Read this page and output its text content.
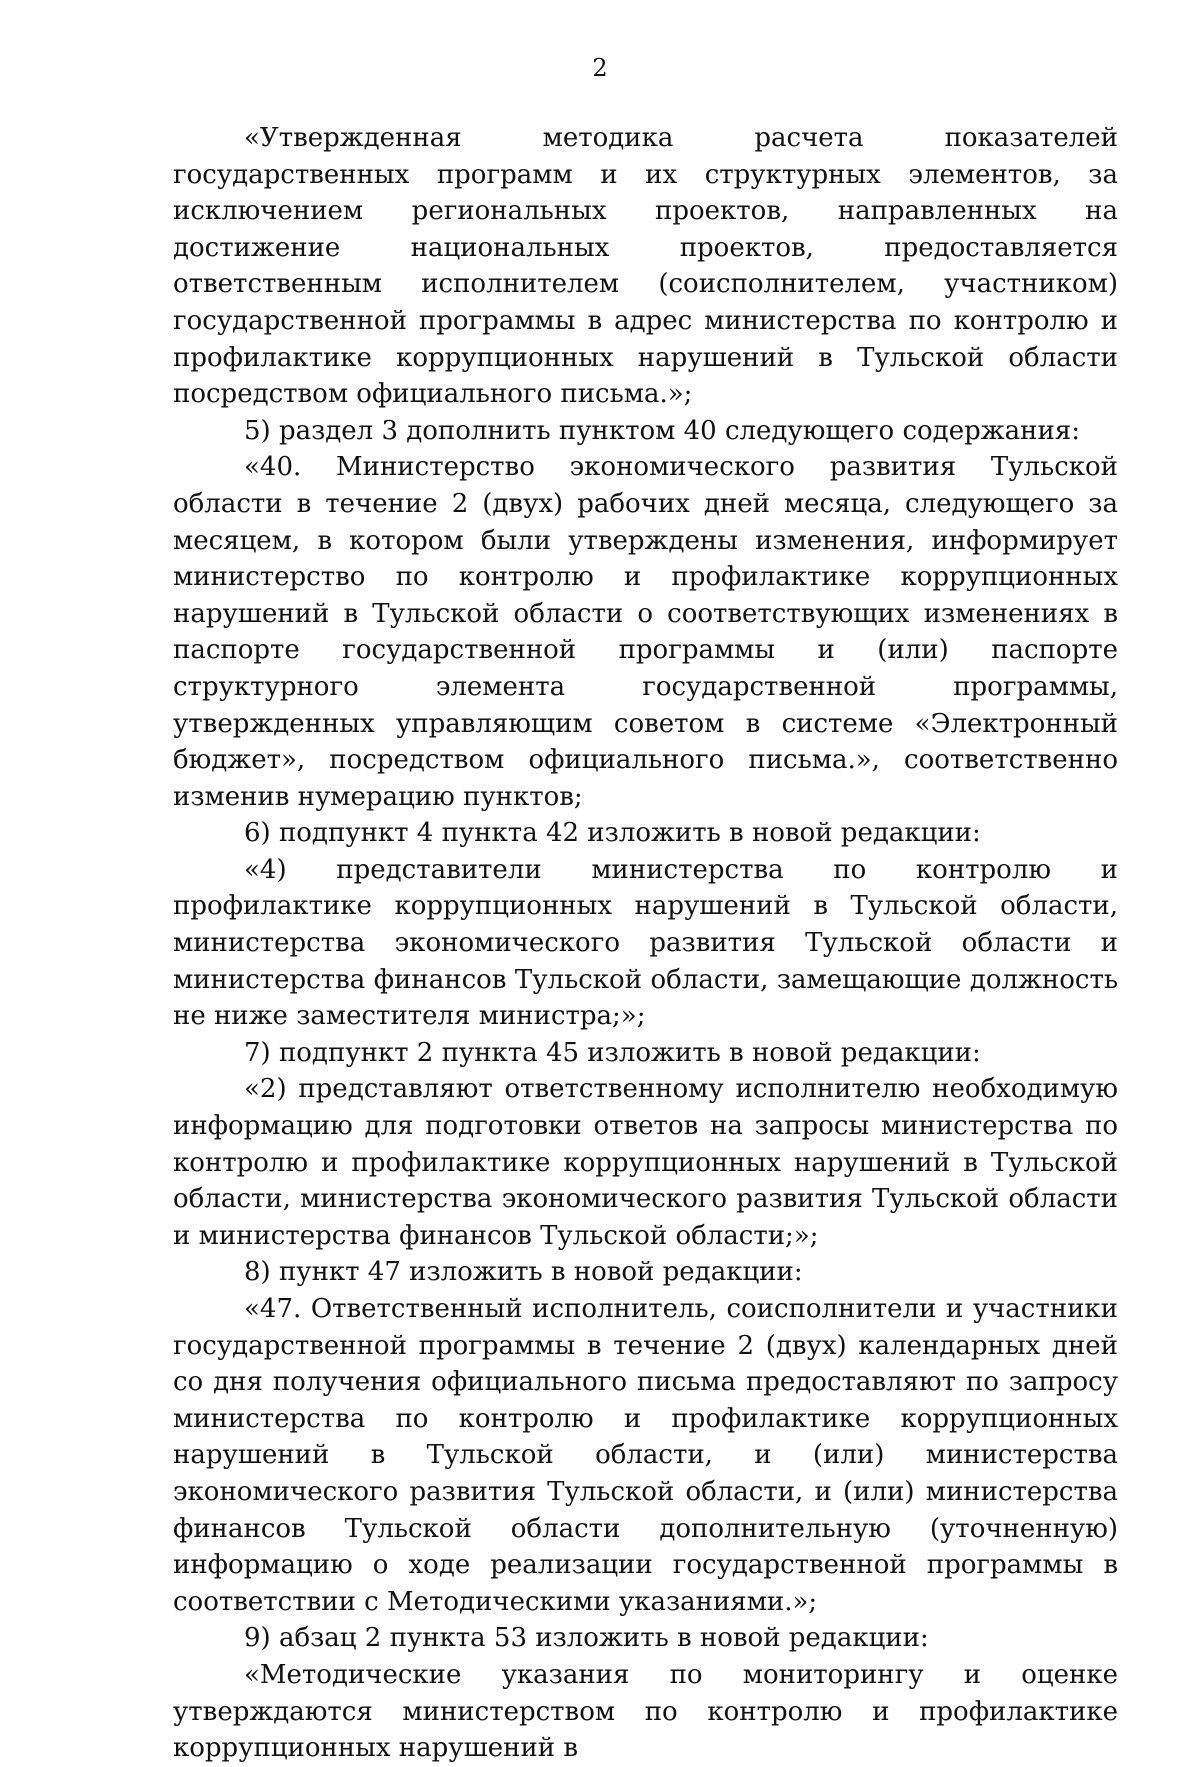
2

«Утвержденная методика расчета показателей государственных программ и их структурных элементов, за исключением региональных проектов, направленных на достижение национальных проектов, предоставляется ответственным исполнителем (соисполнителем, участником) государственной программы в адрес министерства по контролю и профилактике коррупционных нарушений в Тульской области посредством официального письма.»;

5) раздел 3 дополнить пунктом 40 следующего содержания:

«40. Министерство экономического развития Тульской области в течение 2 (двух) рабочих дней месяца, следующего за месяцем, в котором были утверждены изменения, информирует министерство по контролю и профилактике коррупционных нарушений в Тульской области о соответствующих изменениях в паспорте государственной программы и (или) паспорте структурного элемента государственной программы, утвержденных управляющим советом в системе «Электронный бюджет», посредством официального письма.», соответственно изменив нумерацию пунктов;

6) подпункт 4 пункта 42 изложить в новой редакции:

«4) представители министерства по контролю и профилактике коррупционных нарушений в Тульской области, министерства экономического развития Тульской области и министерства финансов Тульской области, замещающие должность не ниже заместителя министра;»;

7) подпункт 2 пункта 45 изложить в новой редакции:

«2) представляют ответственному исполнителю необходимую информацию для подготовки ответов на запросы министерства по контролю и профилактике коррупционных нарушений в Тульской области, министерства экономического развития Тульской области и министерства финансов Тульской области;»;

8) пункт 47 изложить в новой редакции:

«47. Ответственный исполнитель, соисполнители и участники государственной программы в течение 2 (двух) календарных дней со дня получения официального письма предоставляют по запросу министерства по контролю и профилактике коррупционных нарушений в Тульской области, и (или) министерства экономического развития Тульской области, и (или) министерства финансов Тульской области дополнительную (уточненную) информацию о ходе реализации государственной программы в соответствии с Методическими указаниями.»;

9) абзац 2 пункта 53 изложить в новой редакции:

«Методические указания по мониторингу и оценке утверждаются министерством по контролю и профилактике коррупционных нарушений в
